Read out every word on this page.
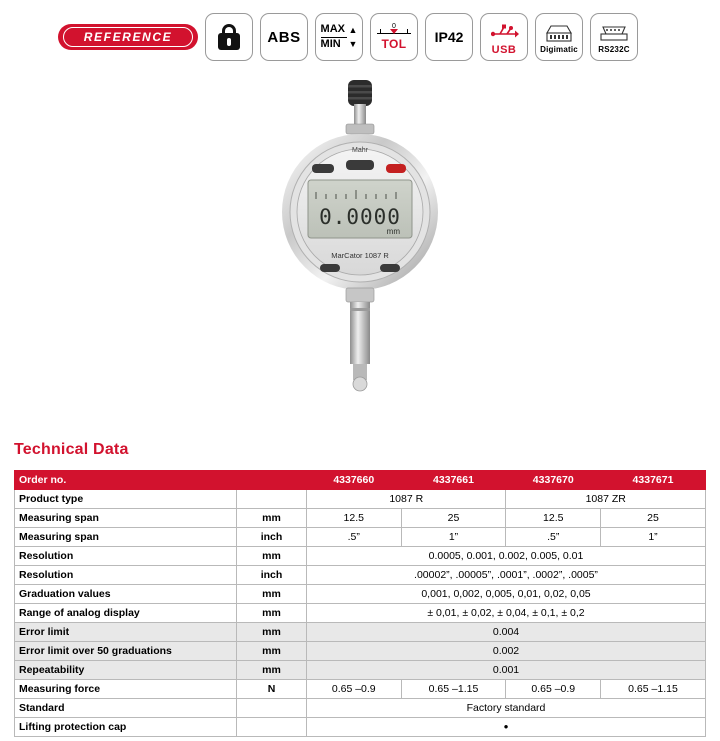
REFERENCE	ABS MAX
MIN
▲
▼
0
TOL	IP42
USB	Digimatic	RS232C
0.0000
mm
Mahr
MarCator 1087 R
Technical Data
Order no.		4337660	4337661	4337670	4337671
Product type		1087 R		1087 ZR	
Measuring span	mm	12.5	25	12.5	25
Measuring span	inch	.5”	1”	.5”	1”
Resolution	mm	0.0005, 0.001, 0.002, 0.005, 0.01			
Resolution	inch	.00002”, .00005”, .0001”, .0002”, .0005”			
Graduation values	mm	0,001, 0,002, 0,005, 0,01, 0,02, 0,05			
Range of analog display	mm	± 0,01, ± 0,02, ± 0,04, ± 0,1, ± 0,2			
Error limit	mm	0.004			
Error limit over 50 graduations	mm	0.002			
Repeatability	mm	0.001			
Measuring force	N	0.65 –0.9	0.65 –1.15	0.65 –0.9	0.65 –1.15
Standard		Factory standard			
Lifting protection cap		•			
